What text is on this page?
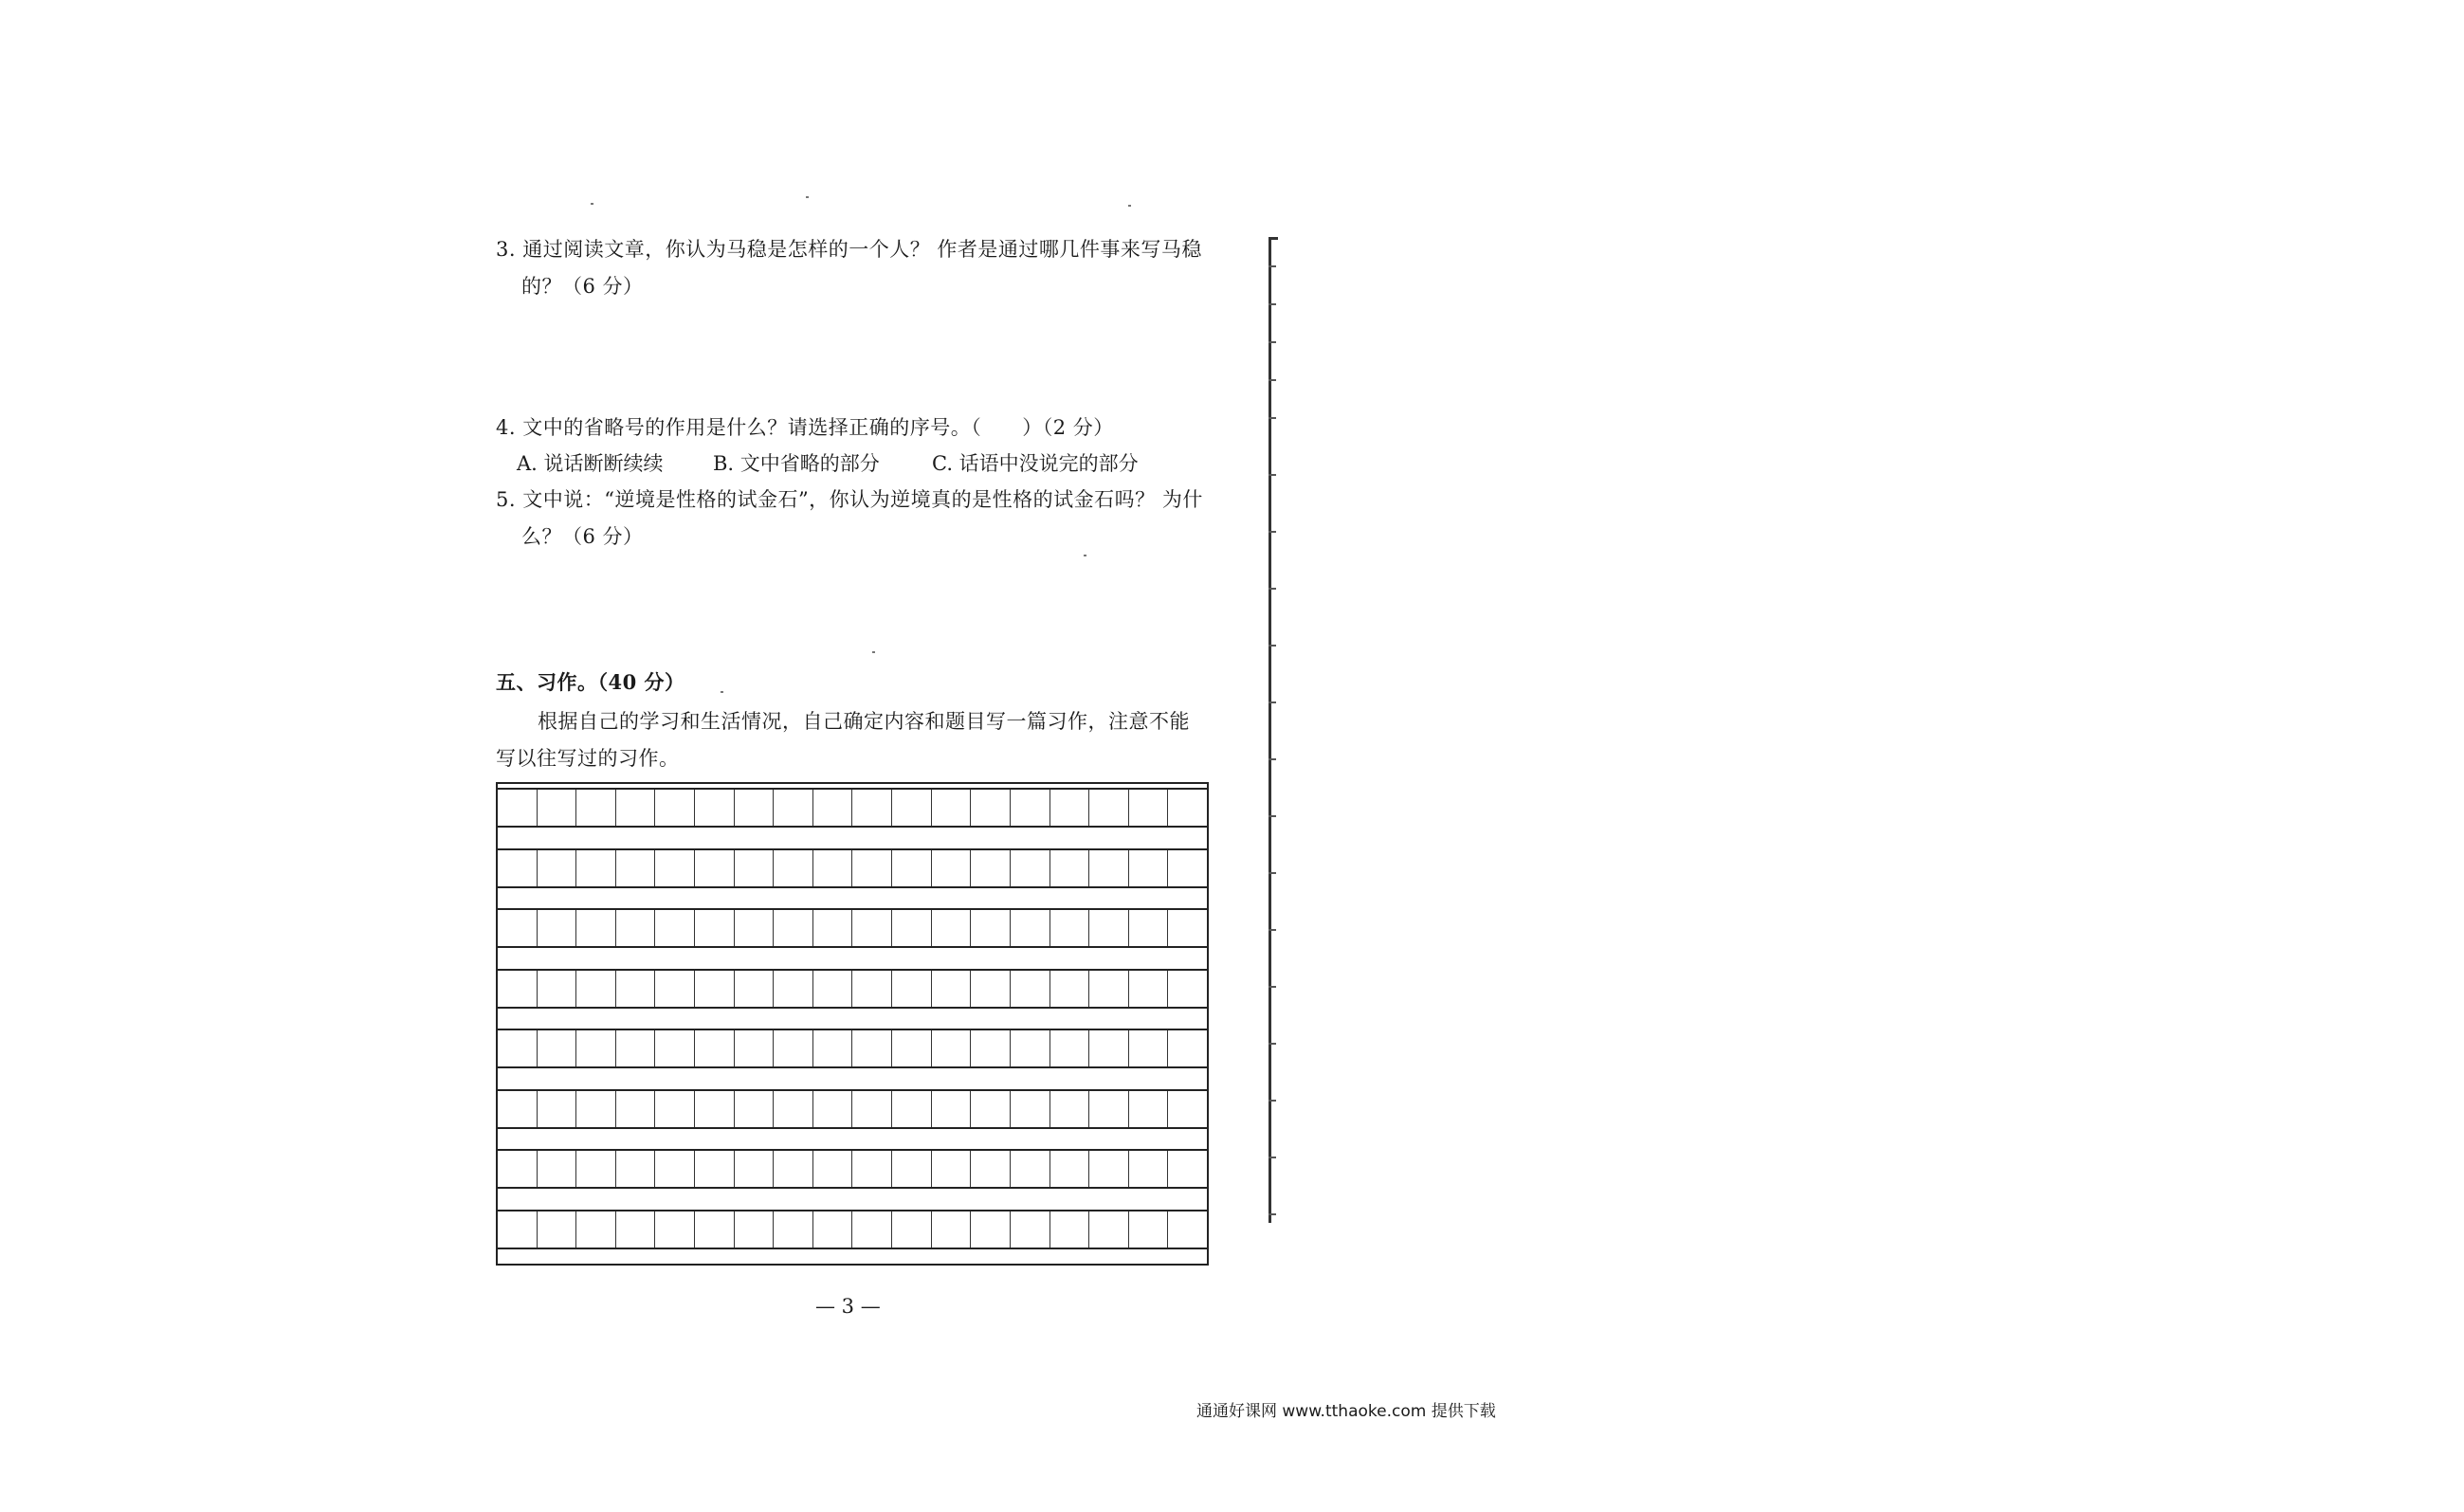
3. 通过阅读文章，你认为马稳是怎样的一个人？ 作者是通过哪几件事来写马稳
的？（6 分）
4. 文中的省略号的作用是什么？请选择正确的序号。（　　）（2 分）
A. 说话断断续续 B. 文中省略的部分	C. 话语中没说完的部分
5. 文中说：“逆境是性格的试金石”，你认为逆境真的是性格的试金石吗？ 为什
么？（6 分）
五、习作。（40 分）
根据自己的学习和生活情况，自己确定内容和题目写一篇习作，注意不能
写以往写过的习作。
— 3 —
通通好课网 www.tthaoke.com 提供下载
